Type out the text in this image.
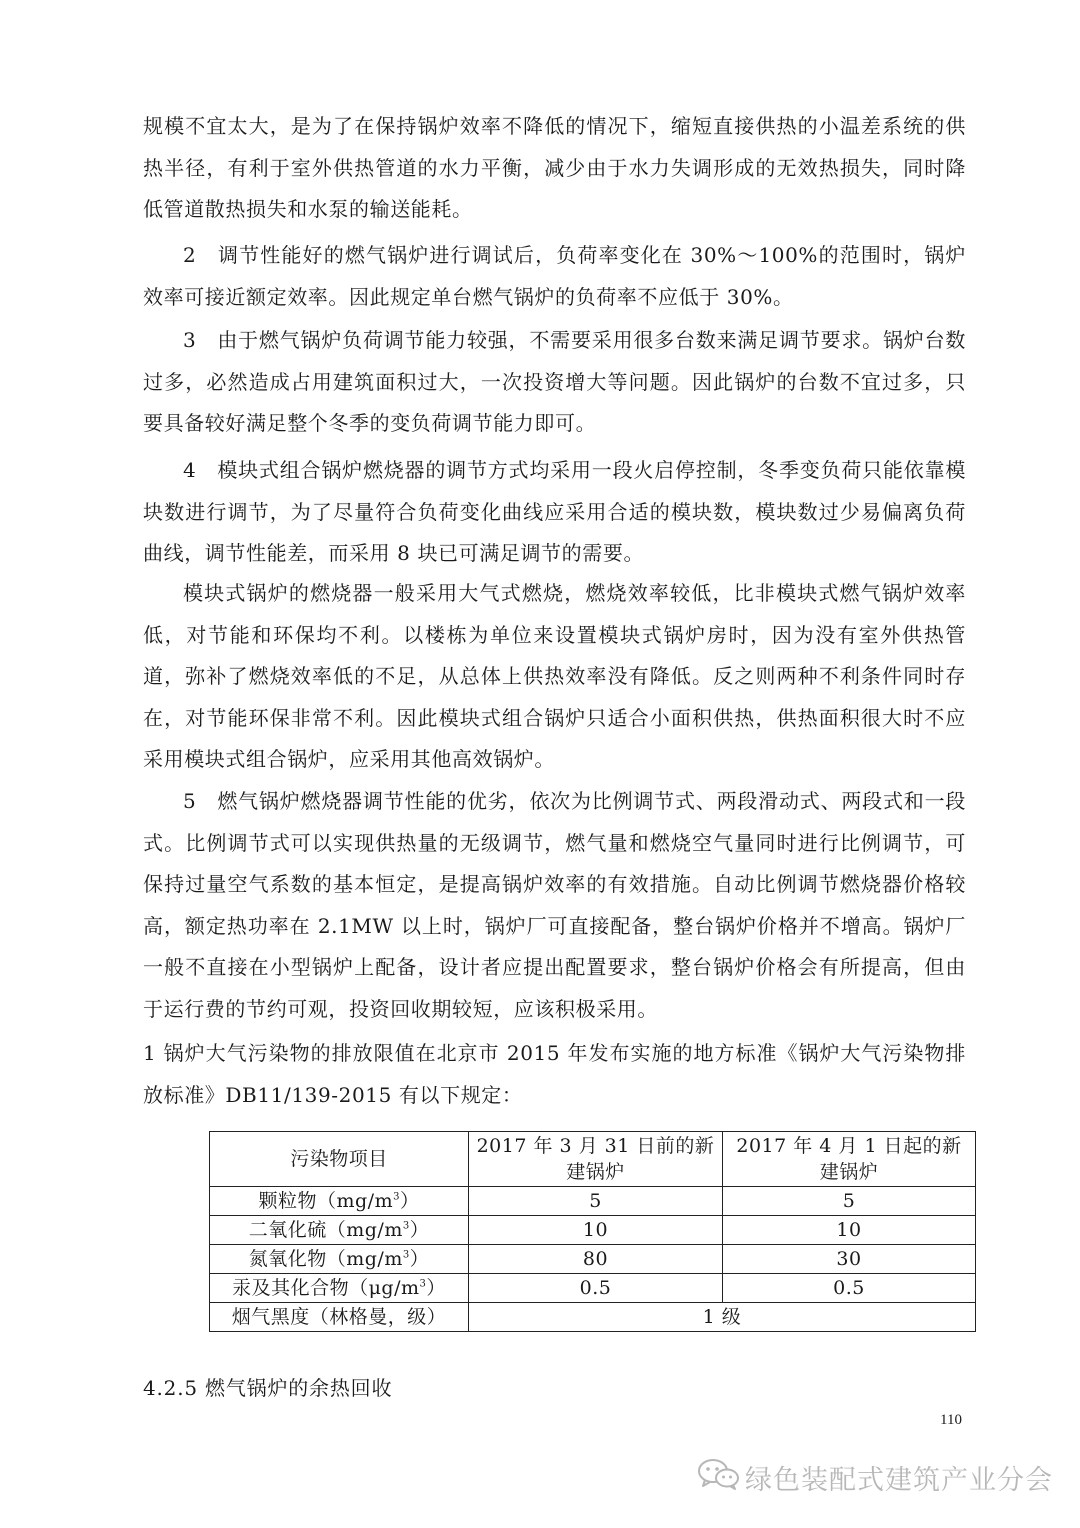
规模不宜太大，是为了在保持锅炉效率不降低的情况下，缩短直接供热的小温差系统的供热半径，有利于室外供热管道的水力平衡，减少由于水力失调形成的无效热损失，同时降低管道散热损失和水泵的输送能耗。

2　调节性能好的燃气锅炉进行调试后，负荷率变化在 30%～100%的范围时，锅炉效率可接近额定效率。因此规定单台燃气锅炉的负荷率不应低于 30%。

3　由于燃气锅炉负荷调节能力较强，不需要采用很多台数来满足调节要求。锅炉台数过多，必然造成占用建筑面积过大，一次投资增大等问题。因此锅炉的台数不宜过多，只要具备较好满足整个冬季的变负荷调节能力即可。

4　模块式组合锅炉燃烧器的调节方式均采用一段火启停控制，冬季变负荷只能依靠模块数进行调节，为了尽量符合负荷变化曲线应采用合适的模块数，模块数过少易偏离负荷曲线，调节性能差，而采用 8 块已可满足调节的需要。

模块式锅炉的燃烧器一般采用大气式燃烧，燃烧效率较低，比非模块式燃气锅炉效率低，对节能和环保均不利。以楼栋为单位来设置模块式锅炉房时，因为没有室外供热管道，弥补了燃烧效率低的不足，从总体上供热效率没有降低。反之则两种不利条件同时存在，对节能环保非常不利。因此模块式组合锅炉只适合小面积供热，供热面积很大时不应采用模块式组合锅炉，应采用其他高效锅炉。

5　燃气锅炉燃烧器调节性能的优劣，依次为比例调节式、两段滑动式、两段式和一段式。比例调节式可以实现供热量的无级调节，燃气量和燃烧空气量同时进行比例调节，可保持过量空气系数的基本恒定，是提高锅炉效率的有效措施。自动比例调节燃烧器价格较高，额定热功率在 2.1MW 以上时，锅炉厂可直接配备，整台锅炉价格并不增高。锅炉厂一般不直接在小型锅炉上配备，设计者应提出配置要求，整台锅炉价格会有所提高，但由于运行费的节约可观，投资回收期较短，应该积极采用。

1 锅炉大气污染物的排放限值在北京市 2015 年发布实施的地方标准《锅炉大气污染物排放标准》DB11/139-2015 有以下规定：

污染物项目	2017 年 3 月 31 日前的新建锅炉	2017 年 4 月 1 日起的新建锅炉
颗粒物$(mg/m^3)$	5	5
二氧化硫$(mg/m^3)$	10	10
氮氧化物$(mg/m^3)$	80	30
汞及其化合物$(\mu g/m^3)$	0.5	0.5
烟气黑度（林格曼，级）	1 级	
4.2.5 燃气锅炉的余热回收
110
绿色装配式建筑产业分会
